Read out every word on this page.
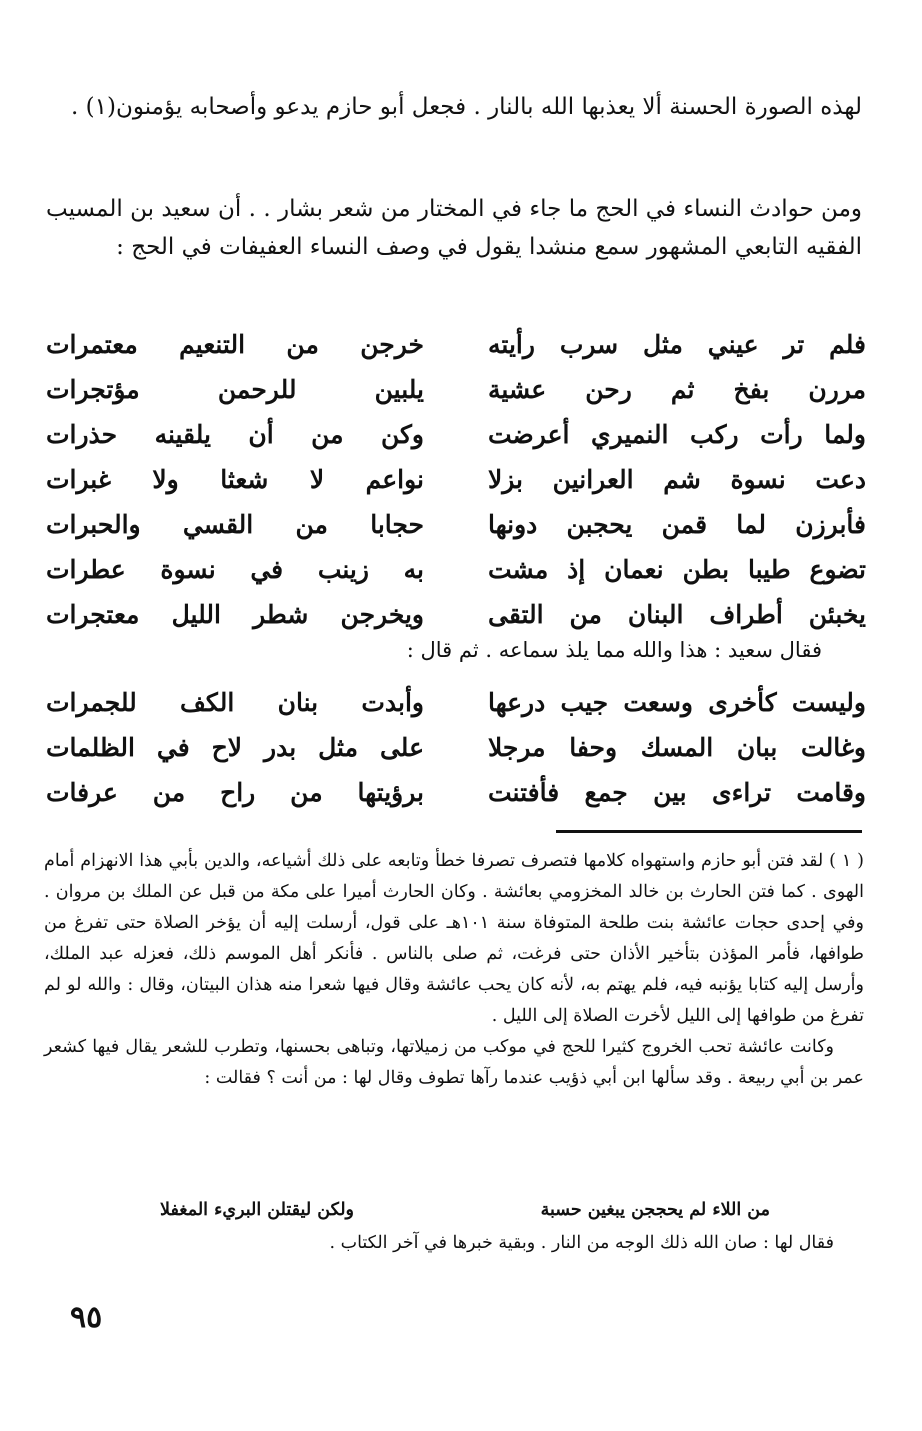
لهذه الصورة الحسنة ألا يعذبها الله بالنار . فجعل أبو حازم يدعو وأصحابه يؤمنون(١) .

ومن حوادث النساء في الحج ما جاء في المختار من شعر بشار . . أن سعيد بن المسيب الفقيه التابعي المشهور سمع منشدا يقول في وصف النساء العفيفات في الحج :

فلم تر عيني مثل سرب رأيته
خرجن من التنعيم معتمرات
مررن بفخ ثم رحن عشية
يلبين للرحمن مؤتجرات
ولما رأت ركب النميري أعرضت
وكن من أن يلقينه حذرات
دعت نسوة شم العرانين بزلا
نواعم لا شعثا ولا غبرات
فأبرزن لما قمن يحجبن دونها
حجابا من القسي والحبرات
تضوع طيبا بطن نعمان إذ مشت
به زينب في نسوة عطرات
يخبئن أطراف البنان من التقى
ويخرجن شطر الليل معتجرات

فقال سعيد : هذا والله مما يلذ سماعه . ثم قال :

وليست كأخرى وسعت جيب درعها
وأبدت بنان الكف للجمرات
وغالت ببان المسك وحفا مرجلا
على مثل بدر لاح في الظلمات
وقامت تراءى بين جمع فأفتنت
برؤيتها من راح من عرفات

( ١ ) لقد فتن أبو حازم واستهواه كلامها فتصرف تصرفا خطأ وتابعه على ذلك أشياعه، والدين بأبي هذا الانهزام أمام الهوى . كما فتن الحارث بن خالد المخزومي بعائشة . وكان الحارث أميرا على مكة من قبل عن الملك بن مروان . وفي إحدى حجات عائشة بنت طلحة المتوفاة سنة ١٠١هـ على قول، أرسلت إليه أن يؤخر الصلاة حتى تفرغ من طوافها، فأمر المؤذن بتأخير الأذان حتى فرغت، ثم صلى بالناس . فأنكر أهل الموسم ذلك، فعزله عبد الملك، وأرسل إليه كتابا يؤنبه فيه، فلم يهتم به، لأنه كان يحب عائشة وقال فيها شعرا منه هذان البيتان، وقال : والله لو لم تفرغ من طوافها إلى الليل لأخرت الصلاة إلى الليل .

وكانت عائشة تحب الخروج كثيرا للحج في موكب من زميلاتها، وتباهى بحسنها، وتطرب للشعر يقال فيها كشعر عمر بن أبي ربيعة . وقد سألها ابن أبي ذؤيب عندما رآها تطوف وقال لها : من أنت ؟ فقالت :

من اللاء لم يحججن يبغين حسبة
ولكن ليقتلن البريء المغفلا

فقال لها : صان الله ذلك الوجه من النار . وبقية خبرها في آخر الكتاب .

٩٥
